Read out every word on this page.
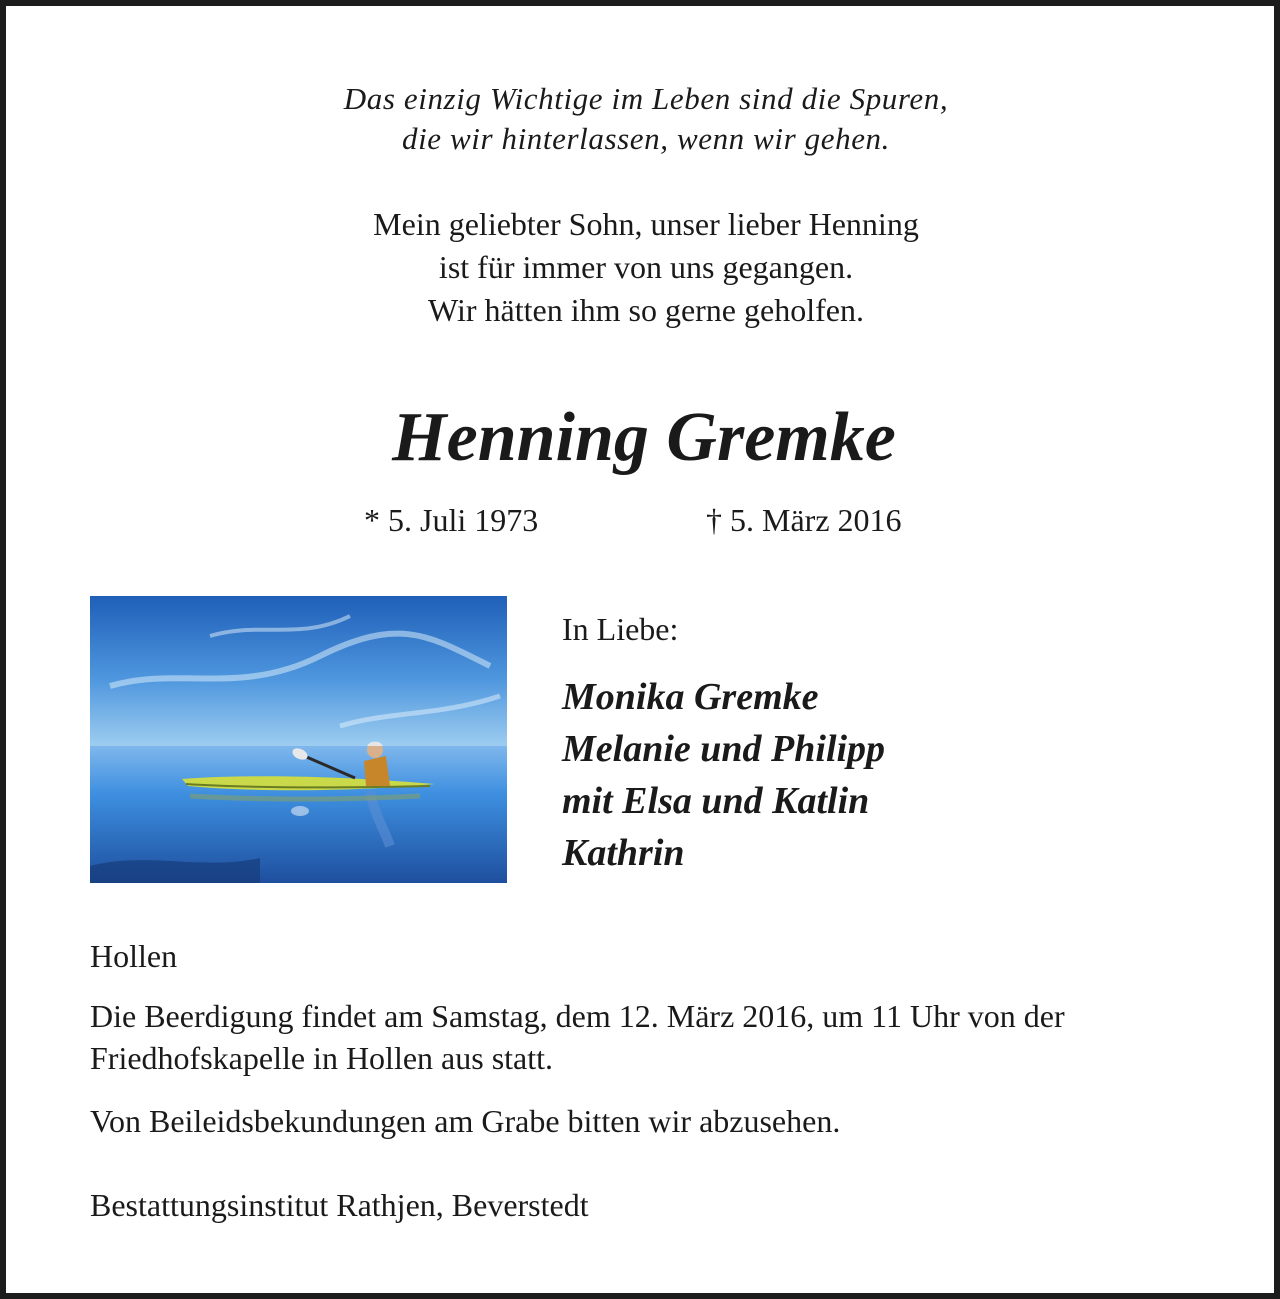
Das einzig Wichtige im Leben sind die Spuren,
die wir hinterlassen, wenn wir gehen.
Mein geliebter Sohn, unser lieber Henning
ist für immer von uns gegangen.
Wir hätten ihm so gerne geholfen.
Henning Gremke
* 5. Juli 1973	† 5. März 2016
In Liebe:
Monika Gremke
Melanie und Philipp
mit Elsa und Katlin
Kathrin
Hollen
Die Beerdigung findet am Samstag, dem 12. März 2016, um 11 Uhr von der
Friedhofskapelle in Hollen aus statt.
Von Beileidsbekundungen am Grabe bitten wir abzusehen.
Bestattungsinstitut Rathjen, Beverstedt
